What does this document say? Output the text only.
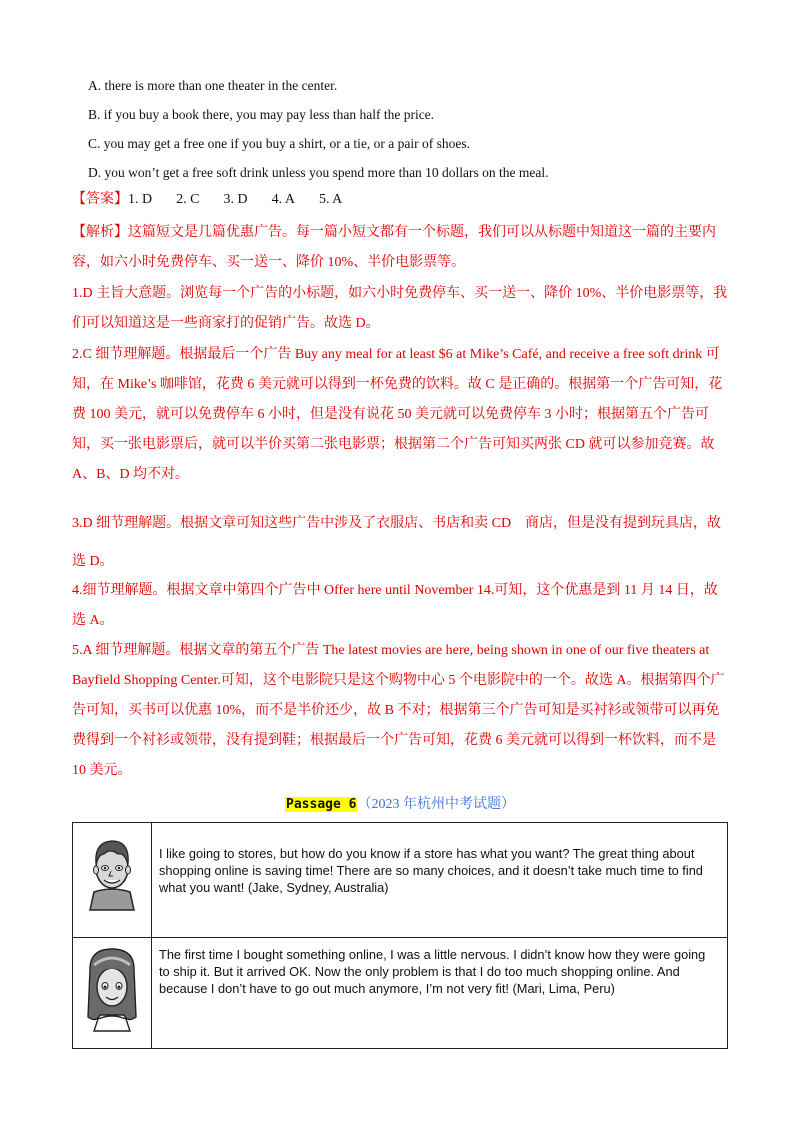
A. there is more than one theater in the center.
B. if you buy a book there, you may pay less than half the price.
C. you may get a free one if you buy a shirt, or a tie, or a pair of shoes.
D. you won’t get a free soft drink unless you spend more than 10 dollars on the meal.
【答案】1. D 2. C 3. D 4. A 5. A
【解析】这篇短文是几篇优惠广告。每一篇小短文都有一个标题，我们可以从标题中知道这一篇的主要内容，如六小时免费停车、买一送一、降价 10%、半价电影票等。
1.D 主旨大意题。浏览每一个广告的小标题，如六小时免费停车、买一送一、降价 10%、半价电影票等，我们可以知道这是一些商家打的促销广告。故选 D。
2.C 细节理解题。根据最后一个广告 Buy any meal for at least $6 at Mike’s Café, and receive a free soft drink 可知，在 Mike’s 咖啡馆，花费 6 美元就可以得到一杯免费的饮料。故 C 是正确的。根据第一个广告可知，花费 100 美元，就可以免费停车 6 小时，但是没有说花 50 美元就可以免费停车 3 小时；根据第五个广告可知，买一张电影票后，就可以半价买第二张电影票；根据第二个广告可知买两张 CD 就可以参加竞赛。故 A、B、D 均不对。
3.D 细节理解题。根据文章可知这些广告中涉及了衣服店、书店和卖 CD　商店，但是没有提到玩具店，故选 D。
4.细节理解题。根据文章中第四个广告中 Offer here until November 14.可知，这个优惠是到 11 月 14 日，故选 A。
5.A 细节理解题。根据文章的第五个广告 The latest movies are here, being shown in one of our five theaters at Bayfield Shopping Center.可知，这个电影院只是这个购物中心 5 个电影院中的一个。故选 A。根据第四个广告可知，买书可以优惠 10%，而不是半价还少，故 B 不对；根据第三个广告可知是买衬衫或领带可以再免费得到一个衬衫或领带，没有提到鞋；根据最后一个广告可知，花费 6 美元就可以得到一杯饮料，而不是 10 美元。
Passage 6（2023 年杭州中考试题）
	I like going to stores, but how do you know if a store has what you want? The great thing about shopping online is saving time! There are so many choices, and it doesn’t take much time to find what you want! (Jake, Sydney, Australia)
	The first time I bought something online, I was a little nervous. I didn’t know how they were going to ship it. But it arrived OK. Now the only problem is that I do too much shopping online. And because I don’t have to go out much anymore, I’m not very fit! (Mari, Lima, Peru)
